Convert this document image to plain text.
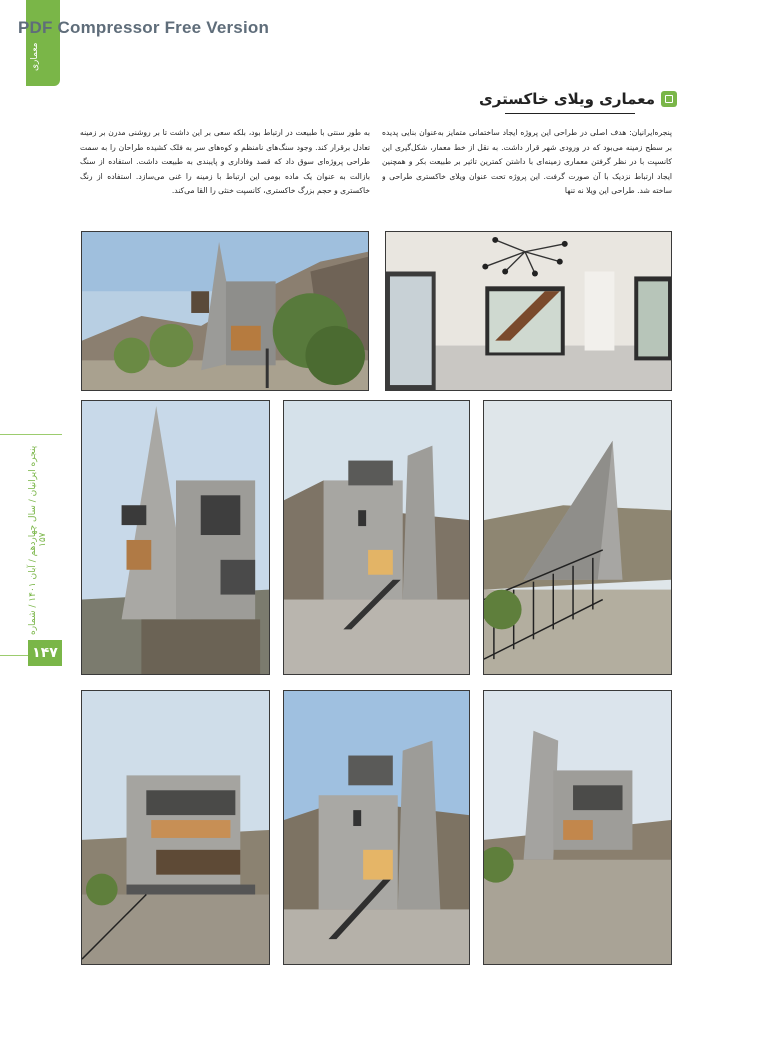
PDF Compressor Free Version
معماری
پنجره ایرانیان / سال چهاردهم / آبان ۱۴۰۱ / شماره ۱۵۷
۱۴۷
معماری ویلای خاکستری
پنجره‌ایرانیان: هدف اصلی در طراحی این پروژه ایجاد ساختمانی متمایز به‌عنوان بنایی پدیده بر سطح زمینه می‌بود که در ورودی شهر قرار داشت. به نقل از خط معمار، شکل‌گیری این کانسپت با در نظر گرفتن معماری زمینه‌ای با داشتن کمترین تاثیر بر طبیعت بکر و همچنین ایجاد ارتباط نزدیک با آن صورت گرفت. این پروژه تحت عنوان ویلای خاکستری طراحی و ساخته شد. طراحی این ویلا نه تنها
به طور سنتی با طبیعت در ارتباط بود، بلکه سعی بر این داشت تا بر روشنی مدرن بر زمینه تعادل برقرار کند. وجود سنگ‌های نامنظم و کوه‌های سر به فلک کشیده طراحان را به سمت طراحی پروژه‌ای سوق داد که قصد وفاداری و پایبندی به طبیعت داشت. استفاده از سنگ بازالت به عنوان یک ماده بومی این ارتباط با زمینه را غنی می‌سازد. استفاده از رنگ خاکستری و حجم بزرگ خاکستری، کانسپت خنثی را القا می‌کند.
